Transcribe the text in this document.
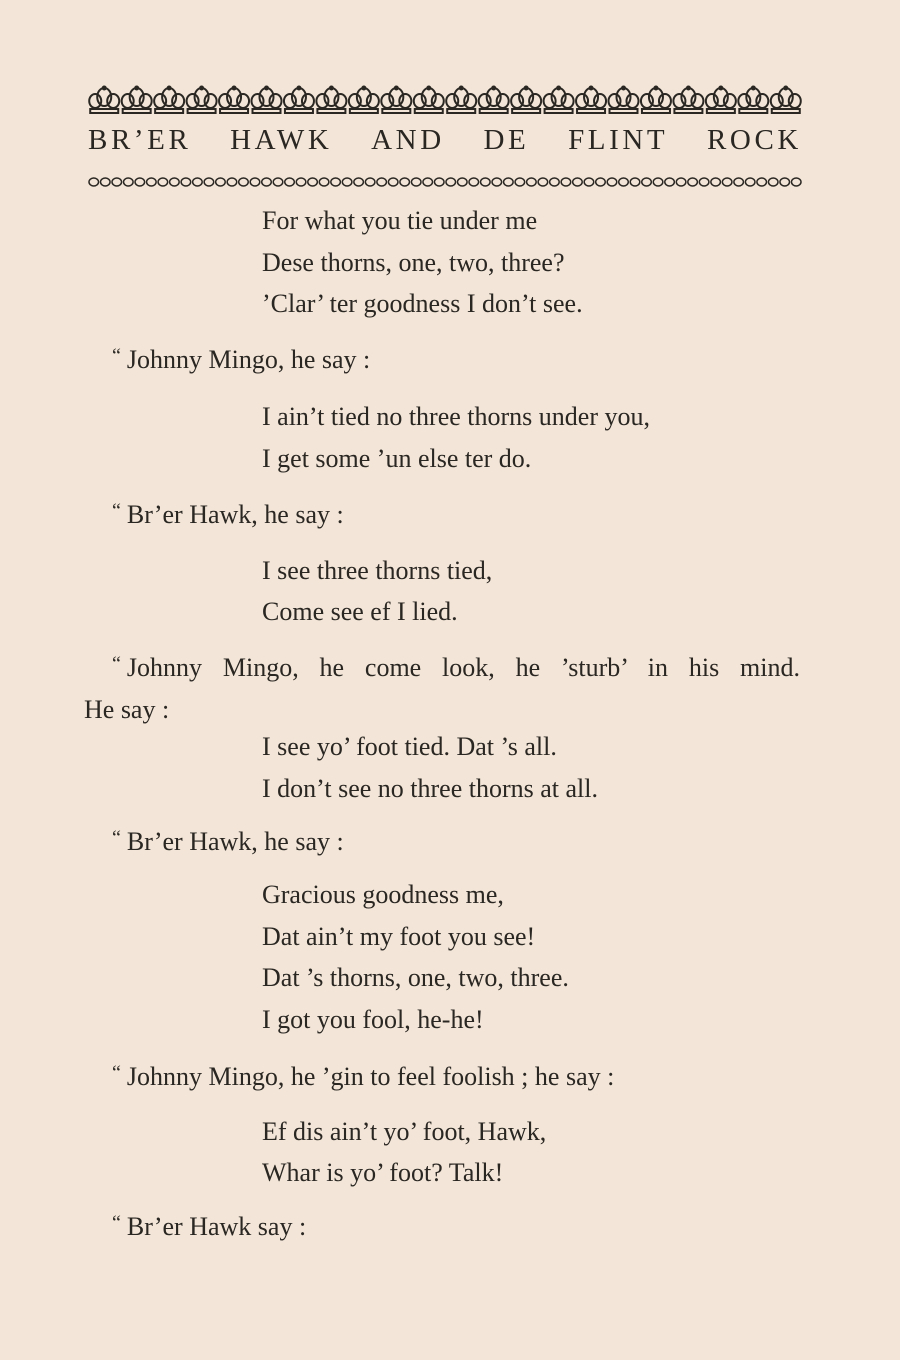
BR’ER HAWK AND DE FLINT ROCK
For what you tie under me
Dese thorns, one, two, three?
’Clar’ ter goodness I don’t see.
“ Johnny Mingo, he say :
I ain’t tied no three thorns under you,
I get some ’un else ter do.
“ Br’er Hawk, he say :
I see three thorns tied,
Come see ef I lied.
“ Johnny Mingo, he come look, he ’sturb’ in his mind.
He say :
I see yo’ foot tied. Dat ’s all.
I don’t see no three thorns at all.
“ Br’er Hawk, he say :
Gracious goodness me,
Dat ain’t my foot you see!
Dat ’s thorns, one, two, three.
I got you fool, he-he!
“ Johnny Mingo, he ’gin to feel foolish ; he say :
Ef dis ain’t yo’ foot, Hawk,
Whar is yo’ foot? Talk!
“ Br’er Hawk say :
